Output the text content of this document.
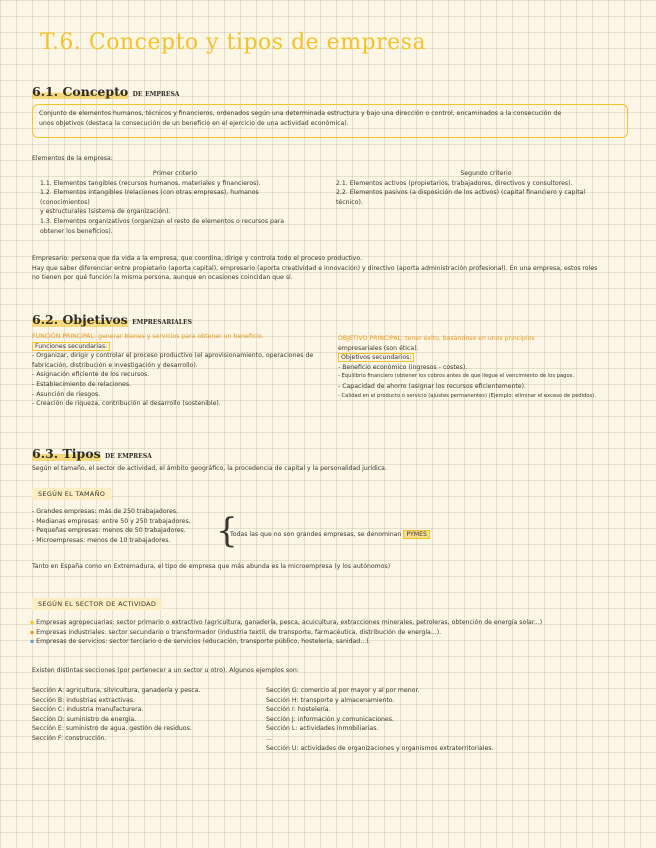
T.6. Concepto y tipos de empresa
6.1. Concepto de empresa
Conjunto de elementos humanos, técnicos y financieros, ordenados según una determinada estructura y bajo una dirección o control, encaminados a la consecución de
unos objetivos (destaca la consecución de un beneficio en el ejercicio de una actividad económica).
Elementos de la empresa:
Primer criterio
1.1. Elementos tangibles (recursos humanos, materiales y financieros).
1.2. Elementos intangibles (relaciones (con otras empresas), humanos (conocimientos)
y estructurales (sistema de organización).
1.3. Elementos organizativos (organizan el resto de elementos o recursos para
obtener los beneficios).
Segundo criterio
2.1. Elementos activos (propietarios, trabajadores, directivos y consultores).
2.2. Elementos pasivos (a disposición de los activos) (capital financiero y capital
técnico).
Empresario: persona que da vida a la empresa, que coordina, dirige y controla todo el proceso productivo.
Hay que saber diferenciar entre propietario (aporta capital), empresario (aporta creatividad e innovación) y directivo (aporta administración profesional). En una empresa, estos roles
no tienen por qué función la misma persona, aunque en ocasiones coincidan que sí.
6.2. Objetivos empresariales
FUNCIÓN PRINCIPAL: generar bienes y servicios para obtener un beneficio.
Funciones secundarias:
- Organizar, dirigir y controlar el proceso productivo (el aprovisionamiento, operaciones de
fabricación, distribución e investigación y desarrollo).
- Asignación eficiente de los recursos.
- Establecimiento de relaciones.
- Asunción de riesgos.
- Creación de riqueza, contribución al desarrollo (sostenible).
OBJETIVO PRINCIPAL: tener éxito, basándose en unos principios
empresariales (son ética).
Objetivos secundarios:
- Beneficio económico (ingresos - costes).
- Equilibrio financiero (obtener los cobros antes de que llegue el vencimiento de los pagos.
- Capacidad de ahorro (asignar los recursos eficientemente).
- Calidad en el producto o servicio (ajustes permanentes) (Ejemplo: eliminar el exceso de pedidos).
6.3. Tipos de empresa
Según el tamaño, el sector de actividad, el ámbito geográfico, la procedencia de capital y la personalidad jurídica.
SEGÚN EL TAMAÑO
- Grandes empresas: más de 250 trabajadores.
- Medianas empresas: entre 50 y 250 trabajadores.
- Pequeñas empresas: menos de 50 trabajadores.
- Microempresas: menos de 10 trabajadores.	{
Todas las que no son grandes empresas, se denominan PYMES
Tanto en España como en Extremadura, el tipo de empresa que más abunda es la microempresa (y los autónomos)
SEGÚN EL SECTOR DE ACTIVIDAD
▪ Empresas agropecuarias: sector primario o extractivo (agricultura, ganadería, pesca, acuicultura, extracciones minerales, petroleras, obtención de energía solar...)
▪ Empresas industriales: sector secundario o transformador (industria textil, de transporte, farmacéutica, distribución de energía...).
▪ Empresas de servicios: sector terciario o de servicios (educación, transporte público, hostelería, sanidad...).
Existen distintas secciones (por pertenecer a un sector u otro). Algunos ejemplos son:
Sección A: agricultura, silvicultura, ganadería y pesca.
Sección B: industrias extractivas.
Sección C: industria manufacturera.
Sección D: suministro de energía.
Sección E: suministro de agua, gestión de residuos.
Sección F: construcción.
Sección G: comercio al por mayor y al por menor.
Sección H: transporte y almacenamiento.
Sección I: hostelería.
Sección J: información y comunicaciones.
Sección L: actividades inmobiliarias.
...
Sección U: actividades de organizaciones y organismos extraterritoriales.
